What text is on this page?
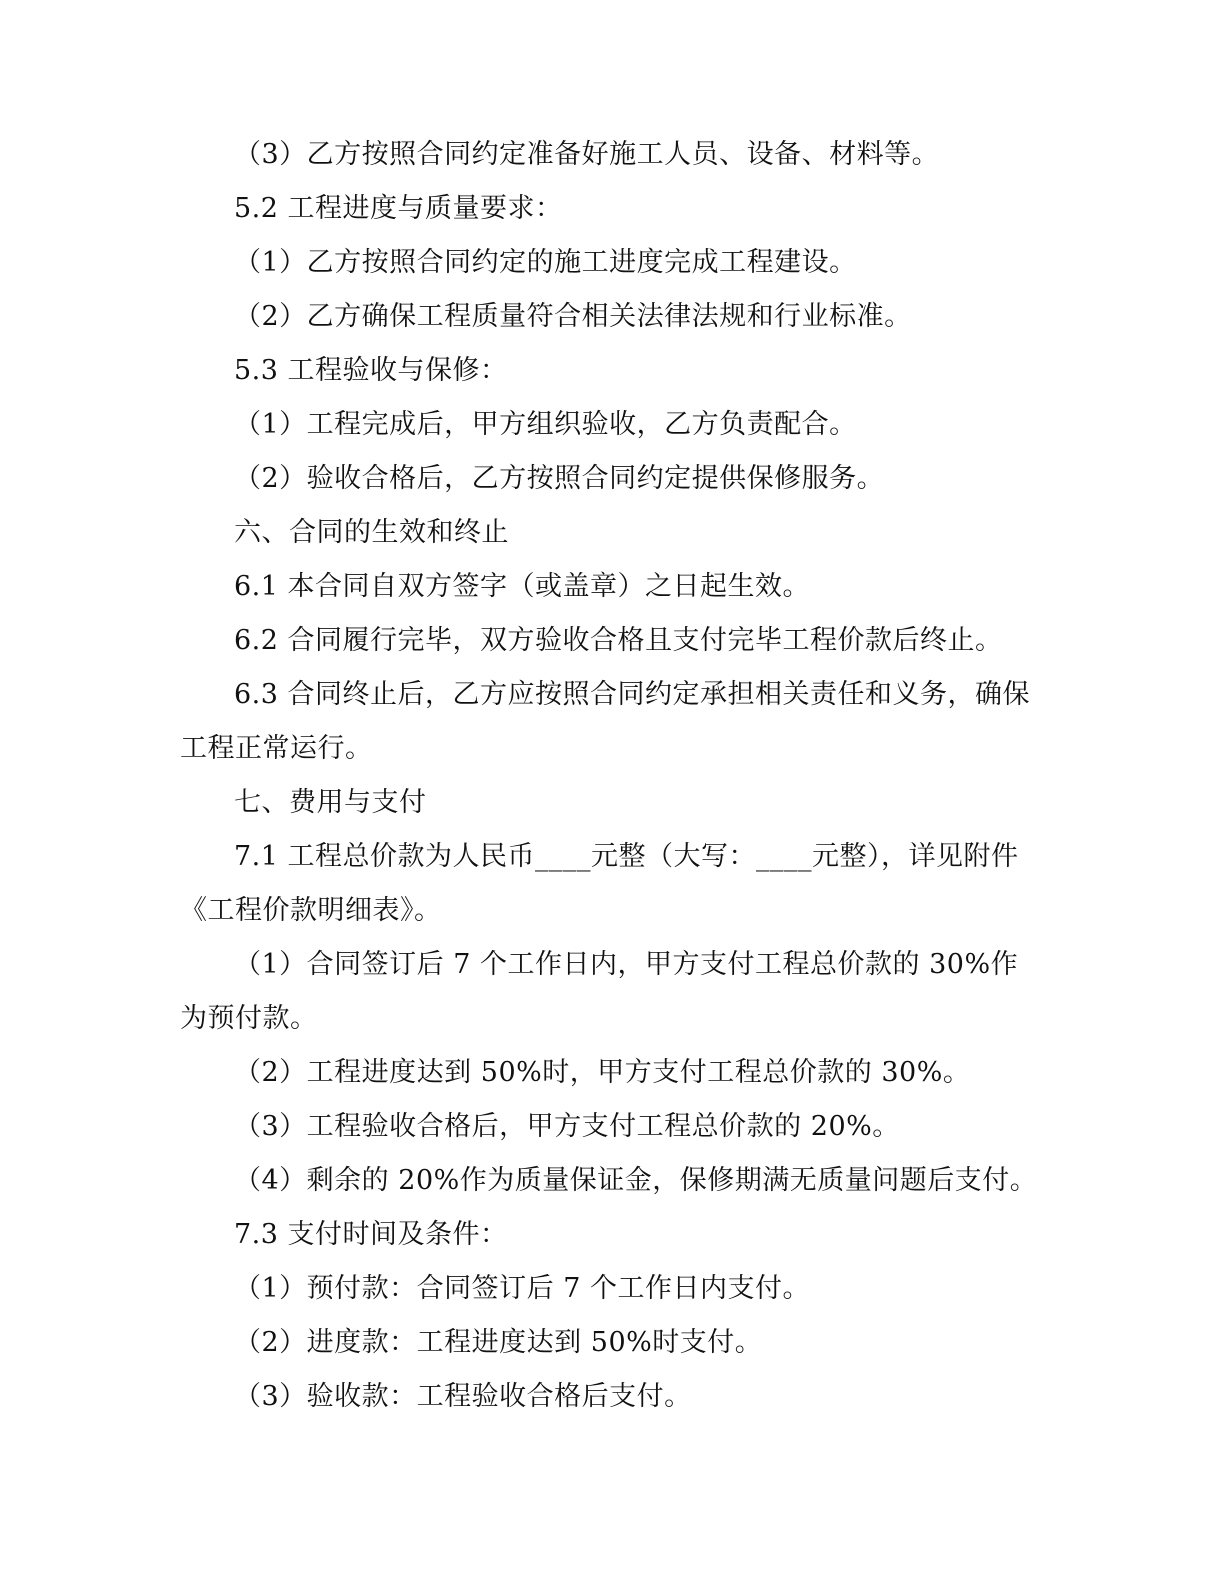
（3）乙方按照合同约定准备好施工人员、设备、材料等。

5.2 工程进度与质量要求：

（1）乙方按照合同约定的施工进度完成工程建设。

（2）乙方确保工程质量符合相关法律法规和行业标准。

5.3 工程验收与保修：

（1）工程完成后，甲方组织验收，乙方负责配合。

（2）验收合格后，乙方按照合同约定提供保修服务。

六、合同的生效和终止

6.1 本合同自双方签字（或盖章）之日起生效。

6.2 合同履行完毕，双方验收合格且支付完毕工程价款后终止。

6.3 合同终止后，乙方应按照合同约定承担相关责任和义务，确保工程正常运行。

七、费用与支付

7.1 工程总价款为人民币____元整（大写：____元整），详见附件《工程价款明细表》。

（1）合同签订后 7 个工作日内，甲方支付工程总价款的 30%作为预付款。

（2）工程进度达到 50%时，甲方支付工程总价款的 30%。

（3）工程验收合格后，甲方支付工程总价款的 20%。

（4）剩余的 20%作为质量保证金，保修期满无质量问题后支付。

7.3 支付时间及条件：

（1）预付款：合同签订后 7 个工作日内支付。

（2）进度款：工程进度达到 50%时支付。

（3）验收款：工程验收合格后支付。
